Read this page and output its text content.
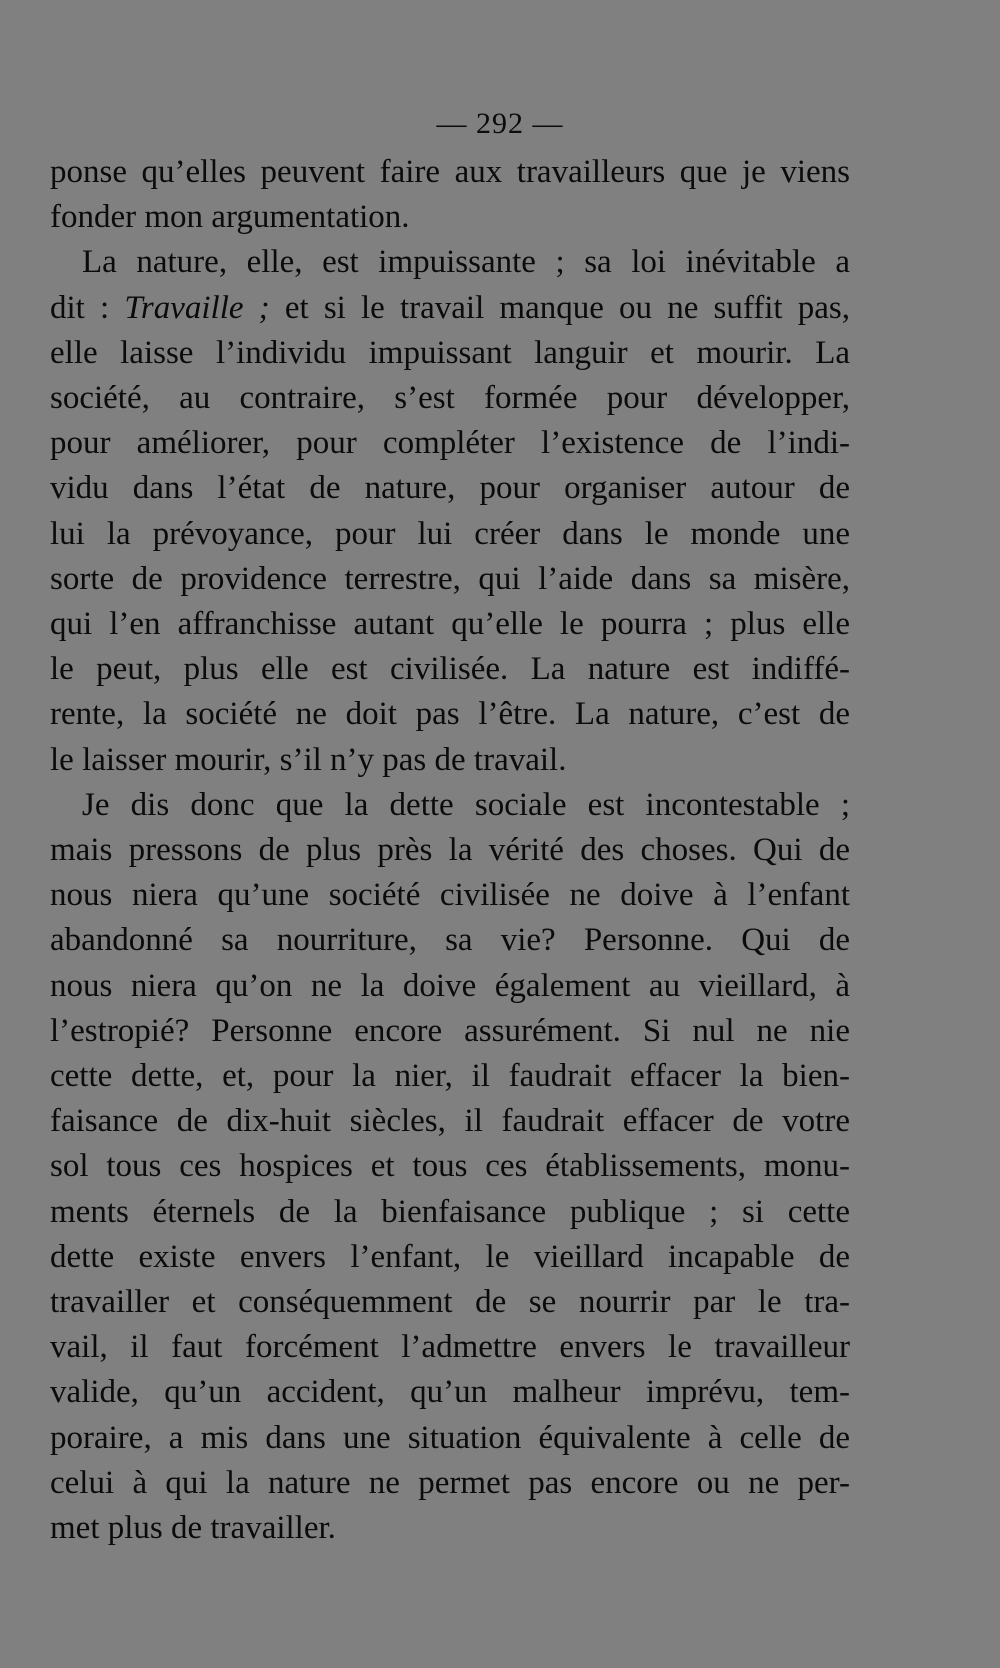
— 292 —
ponse qu’elles peuvent faire aux travailleurs que je viens
fonder mon argumentation.
La nature, elle, est impuissante ; sa loi inévitable a
dit : Travaille ; et si le travail manque ou ne suffit pas,
elle laisse l’individu impuissant languir et mourir. La
société, au contraire, s’est formée pour développer,
pour améliorer, pour compléter l’existence de l’indi-
vidu dans l’état de nature, pour organiser autour de
lui la prévoyance, pour lui créer dans le monde une
sorte de providence terrestre, qui l’aide dans sa misère,
qui l’en affranchisse autant qu’elle le pourra ; plus elle
le peut, plus elle est civilisée. La nature est indiffé-
rente, la société ne doit pas l’être. La nature, c’est de
le laisser mourir, s’il n’y pas de travail.
Je dis donc que la dette sociale est incontestable ;
mais pressons de plus près la vérité des choses. Qui de
nous niera qu’une société civilisée ne doive à l’enfant
abandonné sa nourriture, sa vie? Personne. Qui de
nous niera qu’on ne la doive également au vieillard, à
l’estropié? Personne encore assurément. Si nul ne nie
cette dette, et, pour la nier, il faudrait effacer la bien-
faisance de dix-huit siècles, il faudrait effacer de votre
sol tous ces hospices et tous ces établissements, monu-
ments éternels de la bienfaisance publique ; si cette
dette existe envers l’enfant, le vieillard incapable de
travailler et conséquemment de se nourrir par le tra-
vail, il faut forcément l’admettre envers le travailleur
valide, qu’un accident, qu’un malheur imprévu, tem-
poraire, a mis dans une situation équivalente à celle de
celui à qui la nature ne permet pas encore ou ne per-
met plus de travailler.
